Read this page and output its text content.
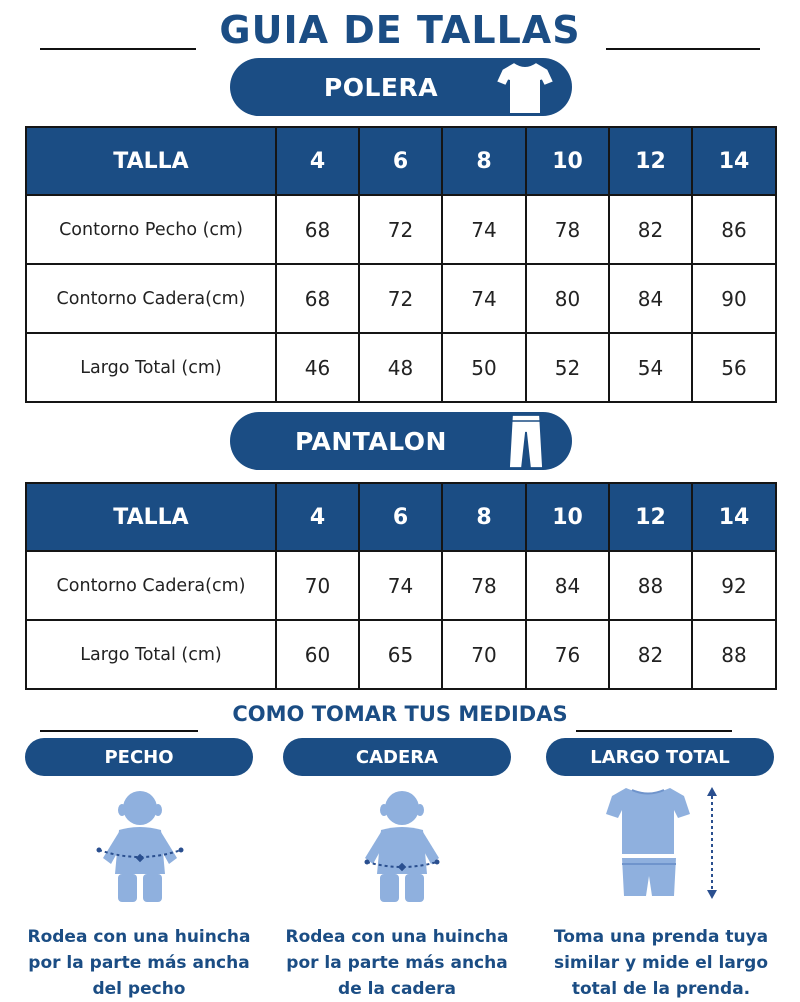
GUIA DE TALLAS
POLERA
TALLA	4	6	8	10	12	14
Contorno Pecho (cm)	68	72	74	78	82	86
Contorno Cadera(cm)	68	72	74	80	84	90
Largo Total (cm)	46	48	50	52	54	56
PANTALON
TALLA	4	6	8	10	12	14
Contorno Cadera(cm)	70	74	78	84	88	92
Largo Total (cm)	60	65	70	76	82	88
COMO TOMAR TUS MEDIDAS
PECHO	CADERA	LARGO TOTAL
Rodea con una huincha
por la parte más ancha
del pecho
Rodea con una huincha
por la parte más ancha
de la cadera
Toma una prenda tuya
similar y mide el largo
total de la prenda.
